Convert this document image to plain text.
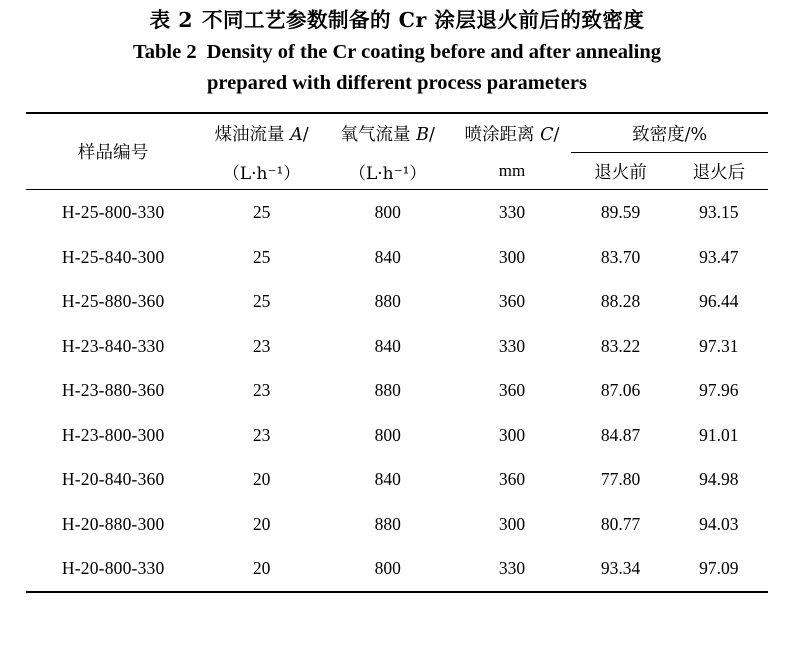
表 2 不同工艺参数制备的 Cr 涂层退火前后的致密度
Table 2 Density of the Cr coating before and after annealing
prepared with different process parameters

样品编号	煤油流量 A/	氧气流量 B/	喷涂距离 C/	致密度/%	
	（L·h⁻¹）	（L·h⁻¹）	mm	退火前	退火后

H-25-800-330	25	800	330	89.59	93.15
H-25-840-300	25	840	300	83.70	93.47
H-25-880-360	25	880	360	88.28	96.44
H-23-840-330	23	840	330	83.22	97.31
H-23-880-360	23	880	360	87.06	97.96
H-23-800-300	23	800	300	84.87	91.01
H-20-840-360	20	840	360	77.80	94.98
H-20-880-300	20	880	300	80.77	94.03
H-20-800-330	20	800	330	93.34	97.09
